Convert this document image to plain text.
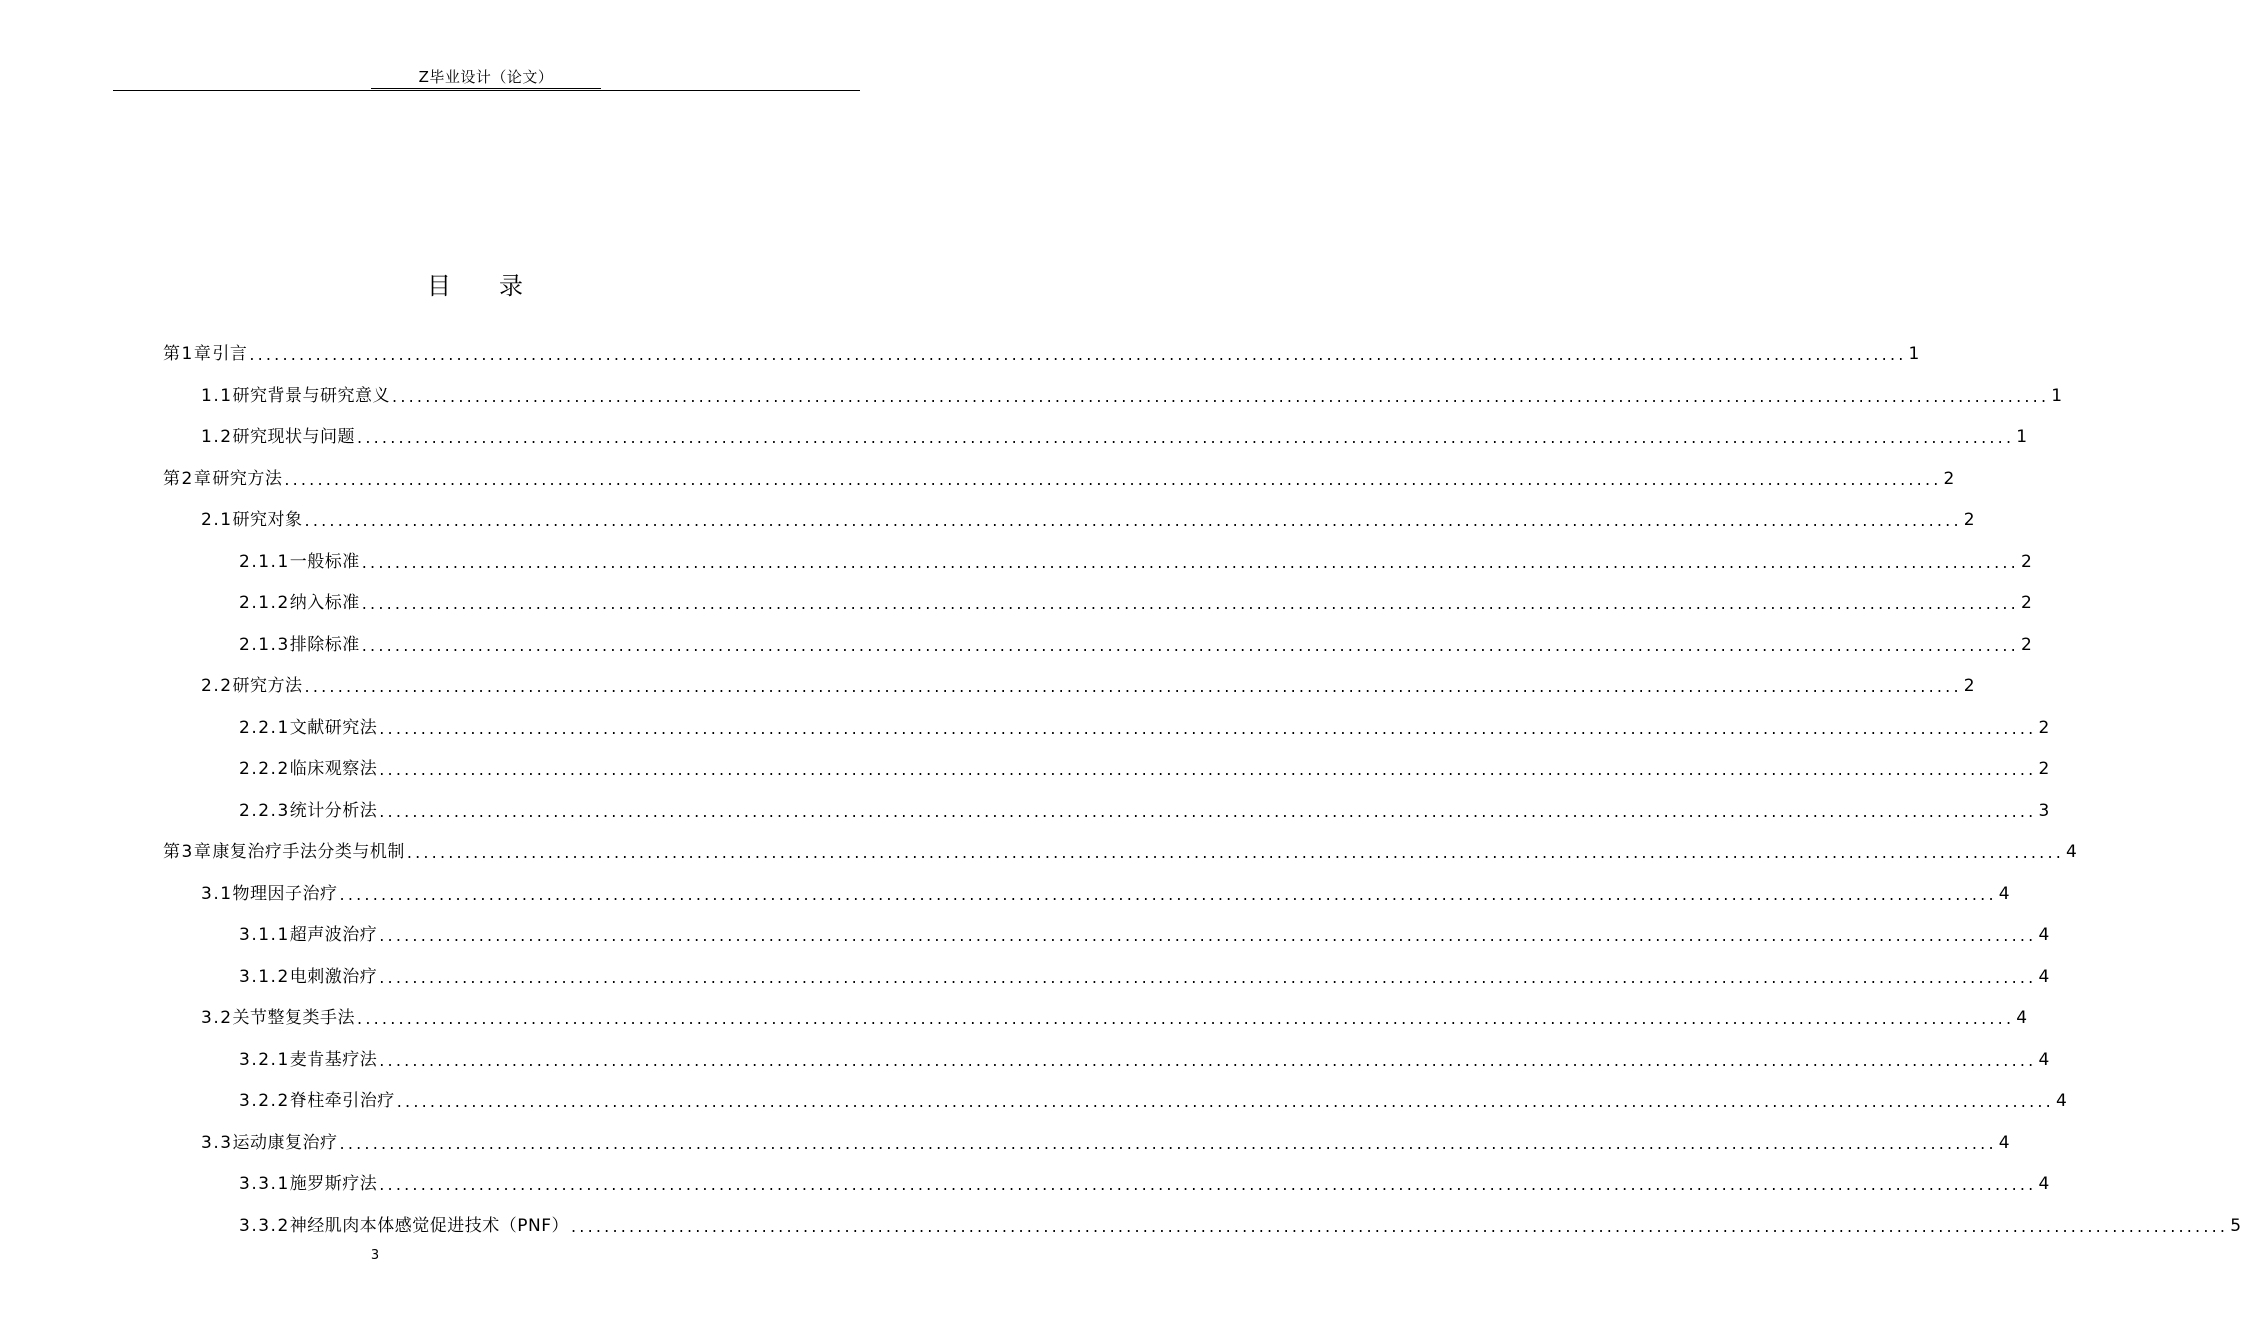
Z毕业设计（论文）
目 录
第1章 引言 ........................................................................................................................................................................................................ 1
1.1 研究背景与研究意义 ........................................................................................................................................................................................................ 1
1.2 研究现状与问题 ........................................................................................................................................................................................................ 1
第2章 研究方法 ........................................................................................................................................................................................................ 2
2.1 研究对象 ........................................................................................................................................................................................................ 2
2.1.1 一般标准 ........................................................................................................................................................................................................ 2
2.1.2 纳入标准 ........................................................................................................................................................................................................ 2
2.1.3 排除标准 ........................................................................................................................................................................................................ 2
2.2 研究方法 ........................................................................................................................................................................................................ 2
2.2.1 文献研究法 ........................................................................................................................................................................................................ 2
2.2.2 临床观察法 ........................................................................................................................................................................................................ 2
2.2.3 统计分析法 ........................................................................................................................................................................................................ 3
第3章 康复治疗手法分类与机制 ........................................................................................................................................................................................................ 4
3.1 物理因子治疗 ........................................................................................................................................................................................................ 4
3.1.1 超声波治疗 ........................................................................................................................................................................................................ 4
3.1.2 电刺激治疗 ........................................................................................................................................................................................................ 4
3.2 关节整复类手法 ........................................................................................................................................................................................................ 4
3.2.1 麦肯基疗法 ........................................................................................................................................................................................................ 4
3.2.2 脊柱牵引治疗 ........................................................................................................................................................................................................ 4
3.3 运动康复治疗 ........................................................................................................................................................................................................ 4
3.3.1 施罗斯疗法 ........................................................................................................................................................................................................ 4
3.3.2 神经肌肉本体感觉促进技术（PNF） ........................................................................................................................................................................................................ 5
3
